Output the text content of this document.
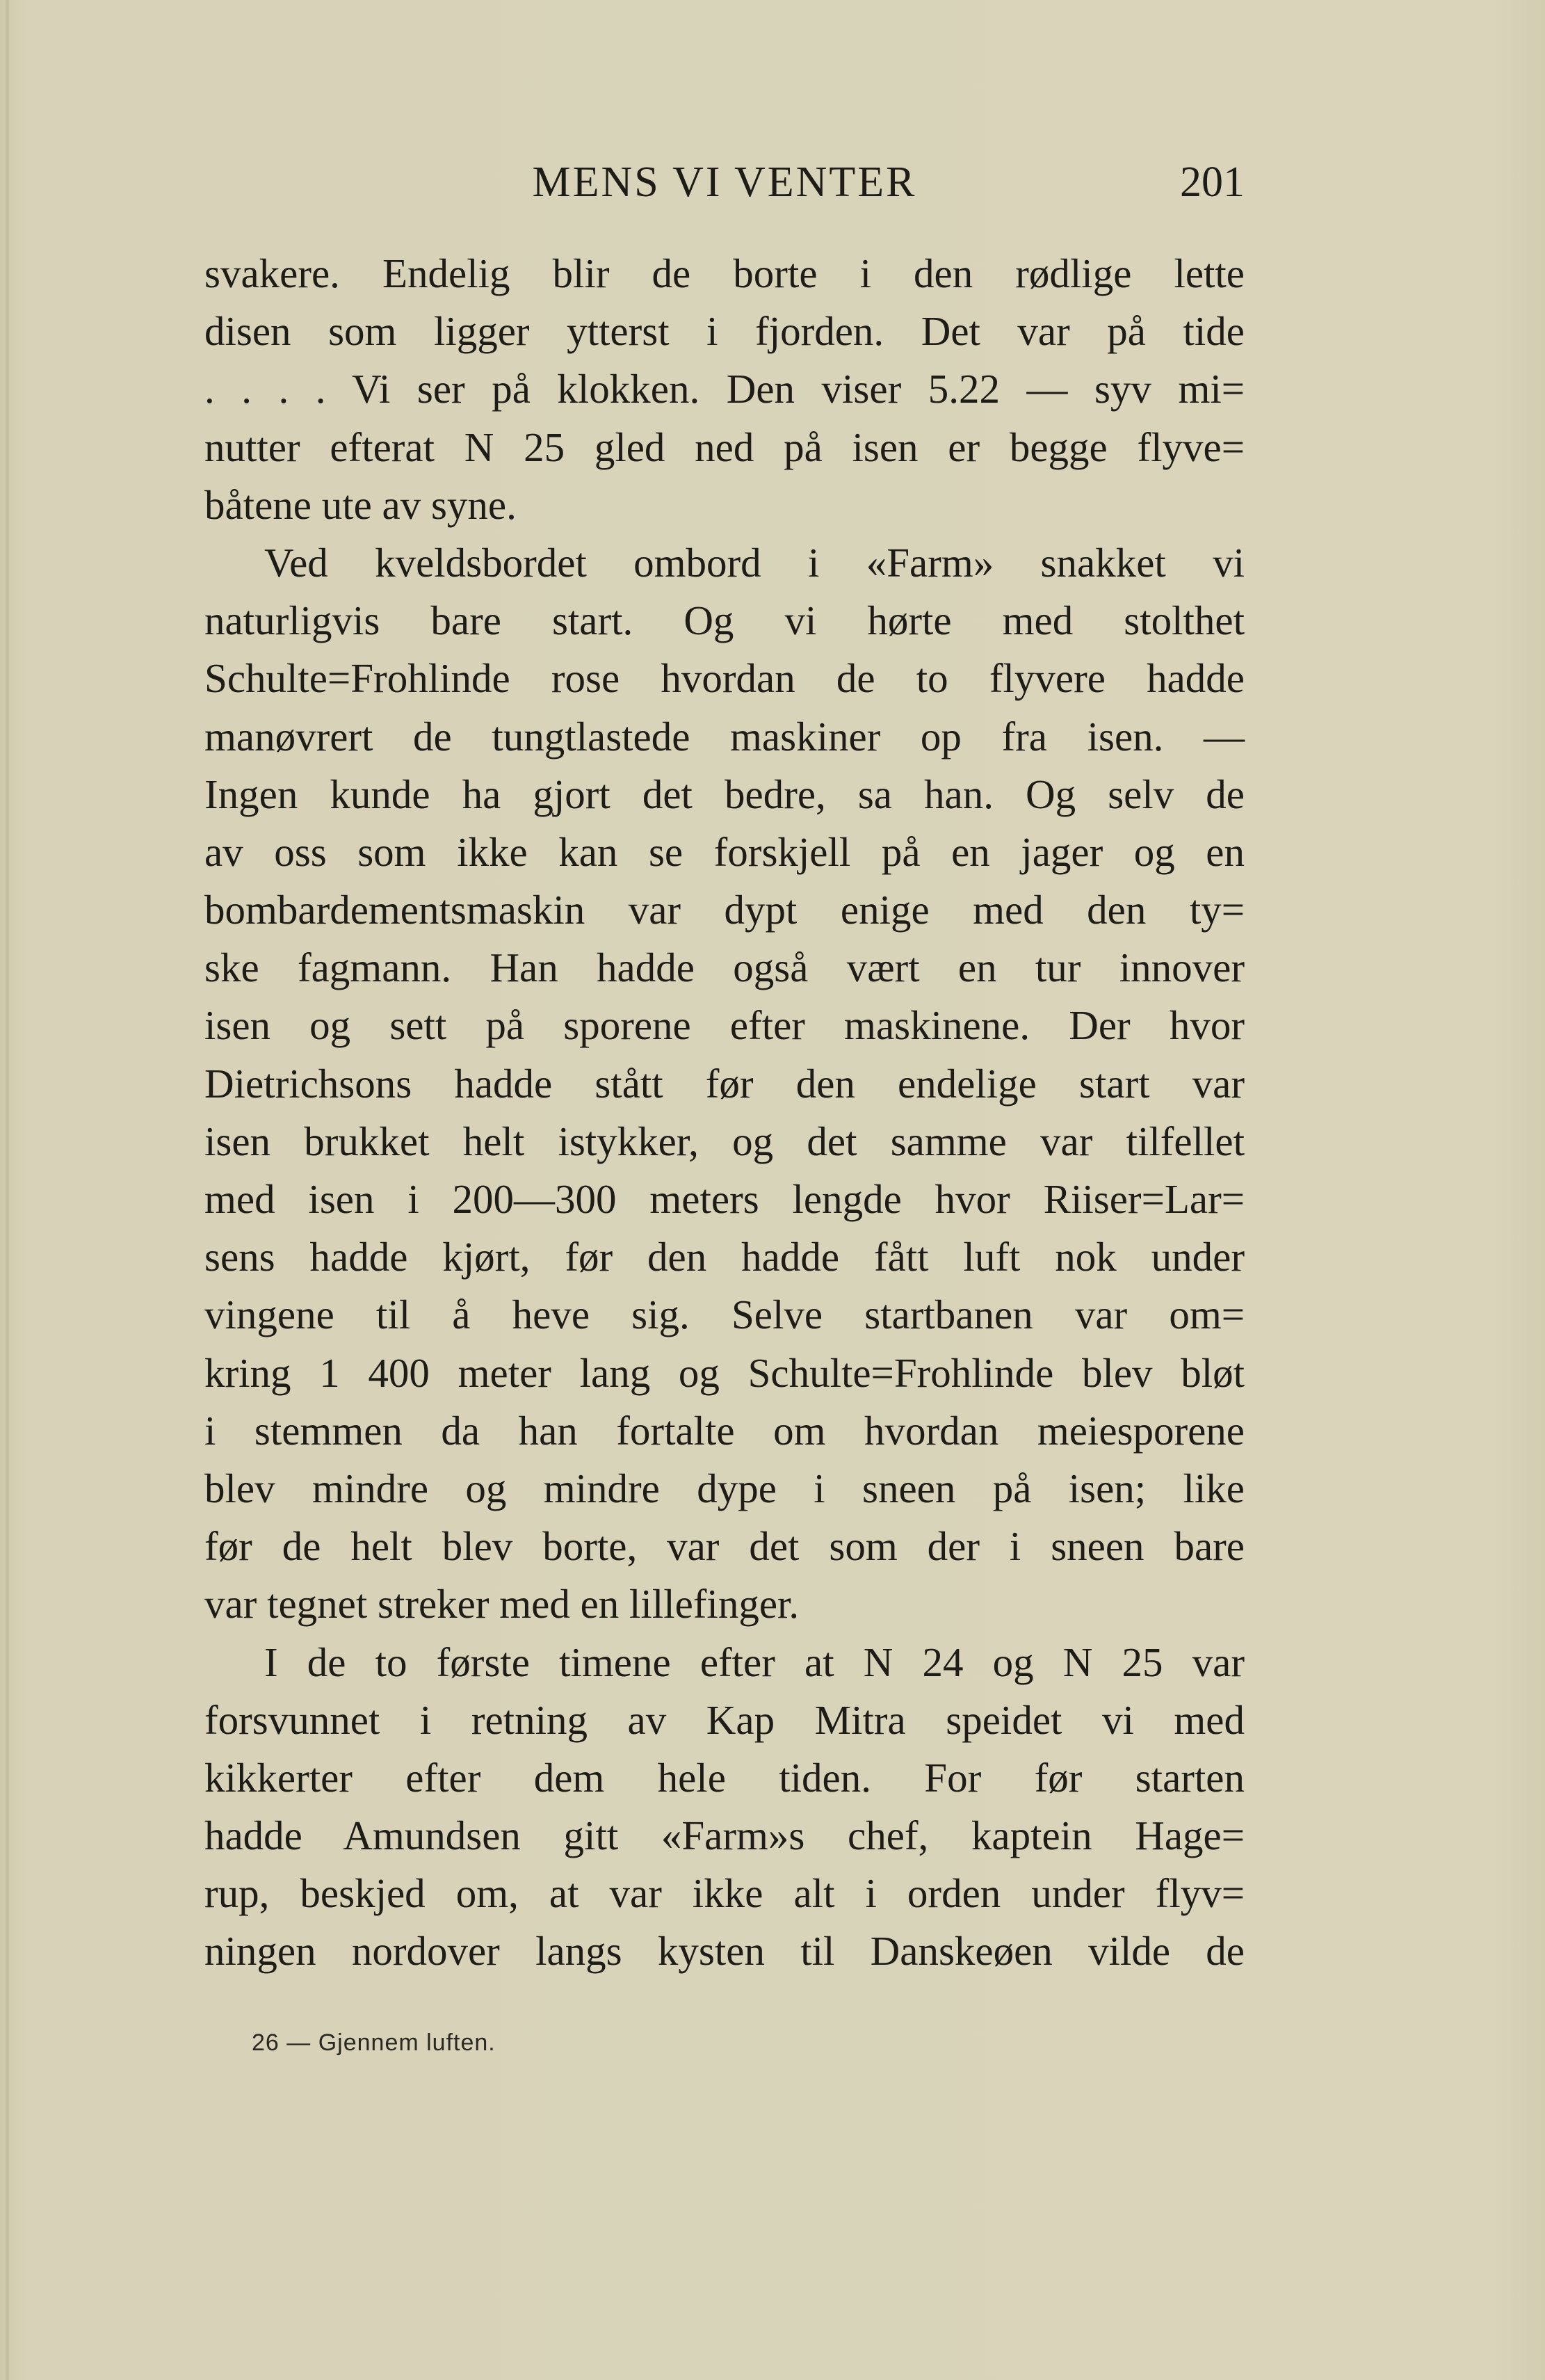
MENS VI VENTER	201
svakere. Endelig blir de borte i den rødlige lette
disen som ligger ytterst i fjorden. Det var på tide
. . . . Vi ser på klokken. Den viser 5.22 — syv mi=
nutter efterat N 25 gled ned på isen er begge flyve=
båtene ute av syne.
Ved kveldsbordet ombord i «Farm» snakket vi
naturligvis bare start. Og vi hørte med stolthet
Schulte=Frohlinde rose hvordan de to flyvere hadde
manøvrert de tungtlastede maskiner op fra isen. —
Ingen kunde ha gjort det bedre, sa han. Og selv de
av oss som ikke kan se forskjell på en jager og en
bombardementsmaskin var dypt enige med den ty=
ske fagmann. Han hadde også vært en tur innover
isen og sett på sporene efter maskinene. Der hvor
Dietrichsons hadde stått før den endelige start var
isen brukket helt istykker, og det samme var tilfellet
med isen i 200—300 meters lengde hvor Riiser=Lar=
sens hadde kjørt, før den hadde fått luft nok under
vingene til å heve sig. Selve startbanen var om=
kring 1 400 meter lang og Schulte=Frohlinde blev bløt
i stemmen da han fortalte om hvordan meiesporene
blev mindre og mindre dype i sneen på isen; like
før de helt blev borte, var det som der i sneen bare
var tegnet streker med en lillefinger.
I de to første timene efter at N 24 og N 25 var
forsvunnet i retning av Kap Mitra speidet vi med
kikkerter efter dem hele tiden. For før starten
hadde Amundsen gitt «Farm»s chef, kaptein Hage=
rup, beskjed om, at var ikke alt i orden under flyv=
ningen nordover langs kysten til Danskeøen vilde de
26 — Gjennem luften.
